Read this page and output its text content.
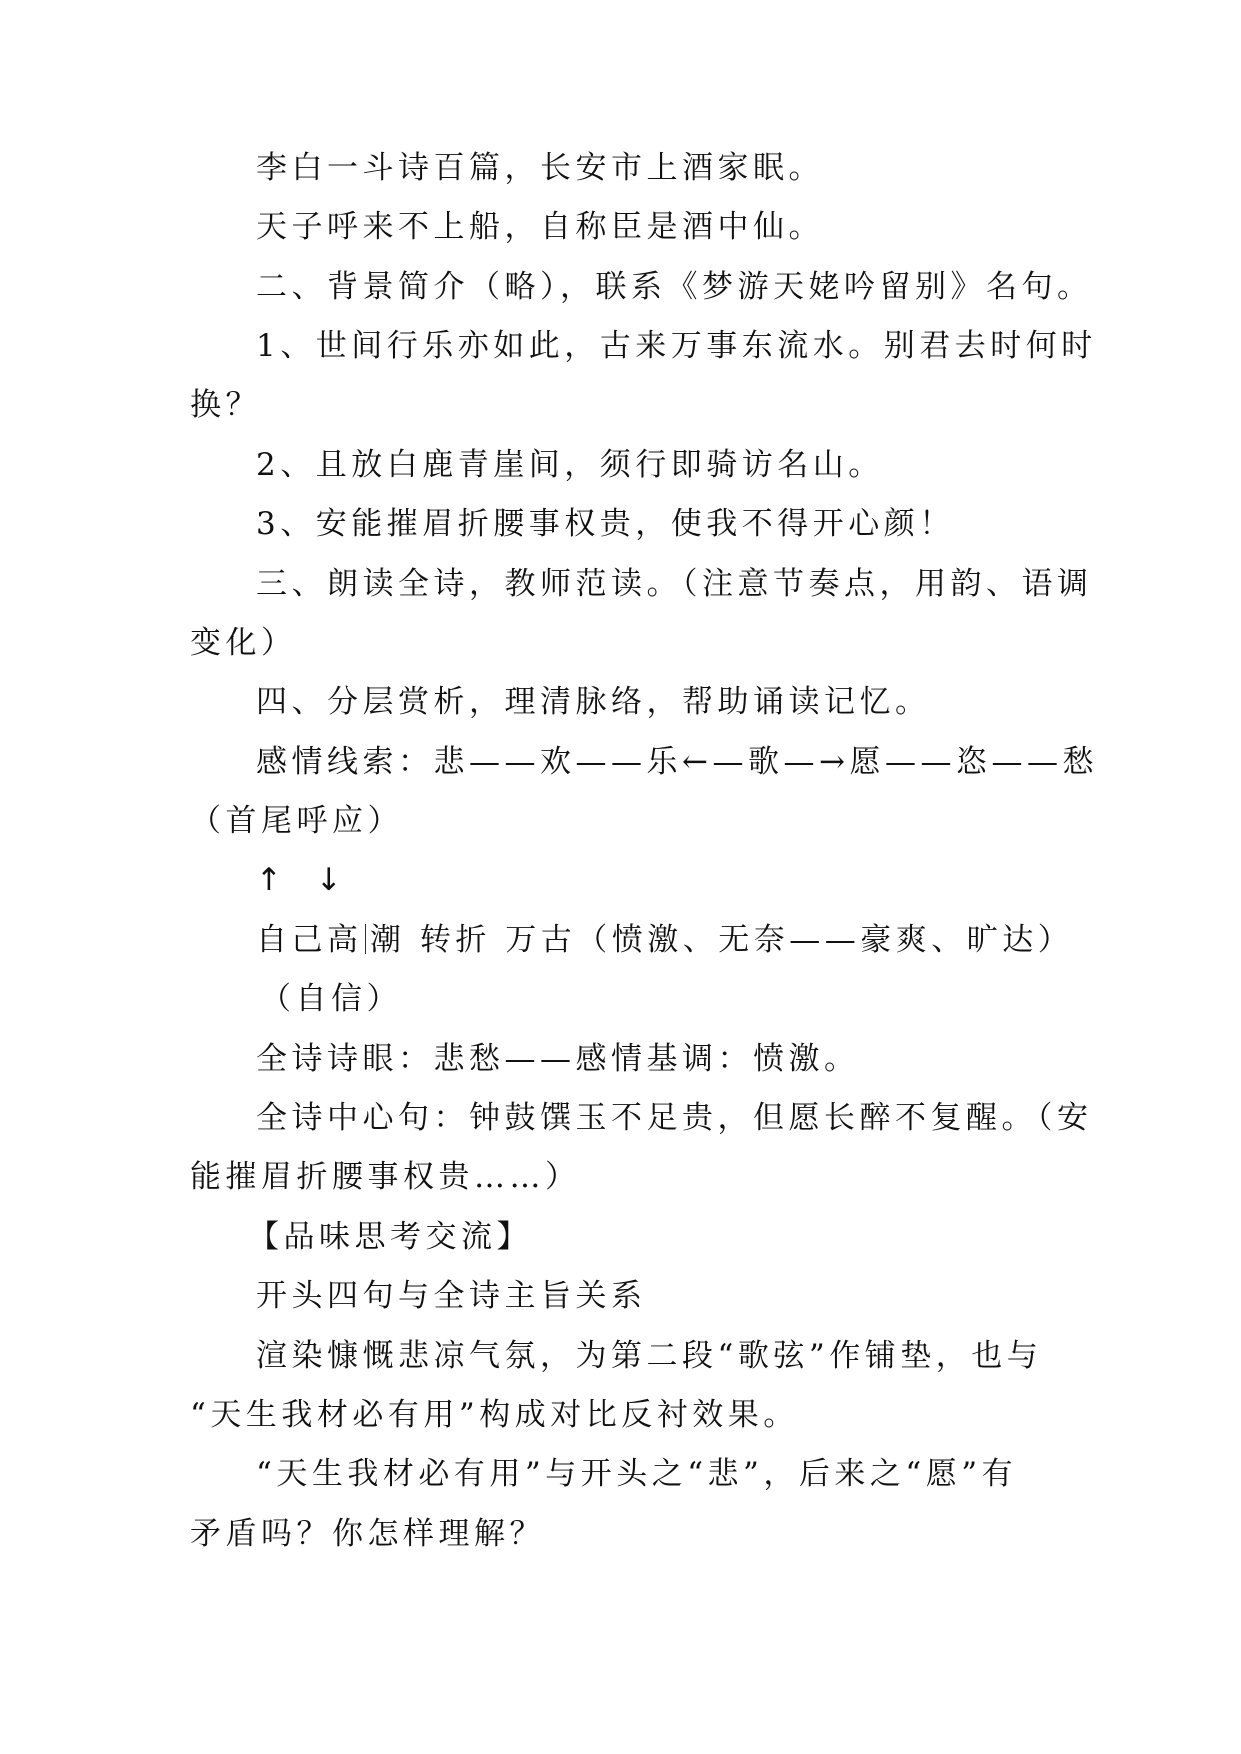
李白一斗诗百篇，长安市上酒家眠。
天子呼来不上船，自称臣是酒中仙。
二、背景简介（略），联系《梦游天姥吟留别》名句。
1、世间行乐亦如此，古来万事东流水。别君去时何时
换？
2、且放白鹿青崖间，须行即骑访名山。
3、安能摧眉折腰事权贵，使我不得开心颜！
三、朗读全诗，教师范读。（注意节奏点，用韵、语调
变化）
四、分层赏析，理清脉络，帮助诵读记忆。
感情线索：悲——欢——乐←—歌—→愿——恣——愁
（首尾呼应）
↑ ↓
自己高 潮 转折 万古（愤激、无奈——豪爽、旷达）
（自信）
全诗诗眼：悲愁——感情基调：愤激。
全诗中心句：钟鼓馔玉不足贵，但愿长醉不复醒。（安
能摧眉折腰事权贵……）
【品味思考交流】
开头四句与全诗主旨关系
渲染慷慨悲凉气氛，为第二段“歌弦”作铺垫，也与
“天生我材必有用”构成对比反衬效果。
“天生我材必有用”与开头之“悲”，后来之“愿”有
矛盾吗？你怎样理解？
